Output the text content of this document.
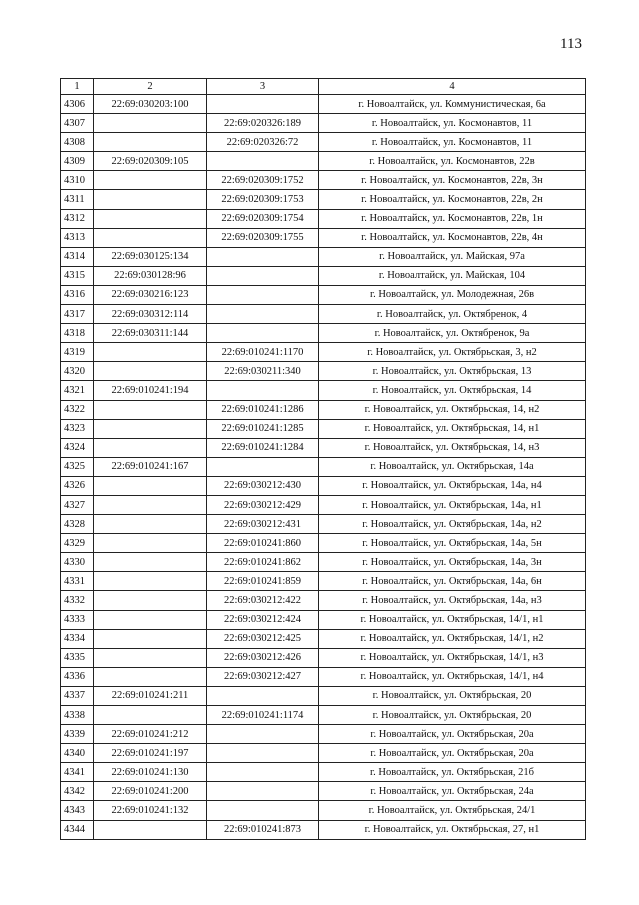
113
1	2	3	4
4306	22:69:030203:100		г. Новоалтайск, ул. Коммунистическая, 6а
4307		22:69:020326:189	г. Новоалтайск, ул. Космонавтов, 11
4308		22:69:020326:72	г. Новоалтайск, ул. Космонавтов, 11
4309	22:69:020309:105		г. Новоалтайск, ул. Космонавтов, 22в
4310		22:69:020309:1752	г. Новоалтайск, ул. Космонавтов, 22в, 3н
4311		22:69:020309:1753	г. Новоалтайск, ул. Космонавтов, 22в, 2н
4312		22:69:020309:1754	г. Новоалтайск, ул. Космонавтов, 22в, 1н
4313		22:69:020309:1755	г. Новоалтайск, ул. Космонавтов, 22в, 4н
4314	22:69:030125:134		г. Новоалтайск, ул. Майская, 97а
4315	22:69:030128:96		г. Новоалтайск, ул. Майская, 104
4316	22:69:030216:123		г. Новоалтайск, ул. Молодежная, 26в
4317	22:69:030312:114		г. Новоалтайск, ул. Октябренок, 4
4318	22:69:030311:144		г. Новоалтайск, ул. Октябренок, 9а
4319		22:69:010241:1170	г. Новоалтайск, ул. Октябрьская, 3, н2
4320		22:69:030211:340	г. Новоалтайск, ул. Октябрьская, 13
4321	22:69:010241:194		г. Новоалтайск, ул. Октябрьская, 14
4322		22:69:010241:1286	г. Новоалтайск, ул. Октябрьская, 14, н2
4323		22:69:010241:1285	г. Новоалтайск, ул. Октябрьская, 14, н1
4324		22:69:010241:1284	г. Новоалтайск, ул. Октябрьская, 14, н3
4325	22:69:010241:167		г. Новоалтайск, ул. Октябрьская, 14а
4326		22:69:030212:430	г. Новоалтайск, ул. Октябрьская, 14а, н4
4327		22:69:030212:429	г. Новоалтайск, ул. Октябрьская, 14а, н1
4328		22:69:030212:431	г. Новоалтайск, ул. Октябрьская, 14а, н2
4329		22:69:010241:860	г. Новоалтайск, ул. Октябрьская, 14а, 5н
4330		22:69:010241:862	г. Новоалтайск, ул. Октябрьская, 14а, 3н
4331		22:69:010241:859	г. Новоалтайск, ул. Октябрьская, 14а, 6н
4332		22:69:030212:422	г. Новоалтайск, ул. Октябрьская, 14а, н3
4333		22:69:030212:424	г. Новоалтайск, ул. Октябрьская, 14/1, н1
4334		22:69:030212:425	г. Новоалтайск, ул. Октябрьская, 14/1, н2
4335		22:69:030212:426	г. Новоалтайск, ул. Октябрьская, 14/1, н3
4336		22:69:030212:427	г. Новоалтайск, ул. Октябрьская, 14/1, н4
4337	22:69:010241:211		г. Новоалтайск, ул. Октябрьская, 20
4338		22:69:010241:1174	г. Новоалтайск, ул. Октябрьская, 20
4339	22:69:010241:212		г. Новоалтайск, ул. Октябрьская, 20а
4340	22:69:010241:197		г. Новоалтайск, ул. Октябрьская, 20а
4341	22:69:010241:130		г. Новоалтайск, ул. Октябрьская, 21б
4342	22:69:010241:200		г. Новоалтайск, ул. Октябрьская, 24а
4343	22:69:010241:132		г. Новоалтайск, ул. Октябрьская, 24/1
4344		22:69:010241:873	г. Новоалтайск, ул. Октябрьская, 27, н1
